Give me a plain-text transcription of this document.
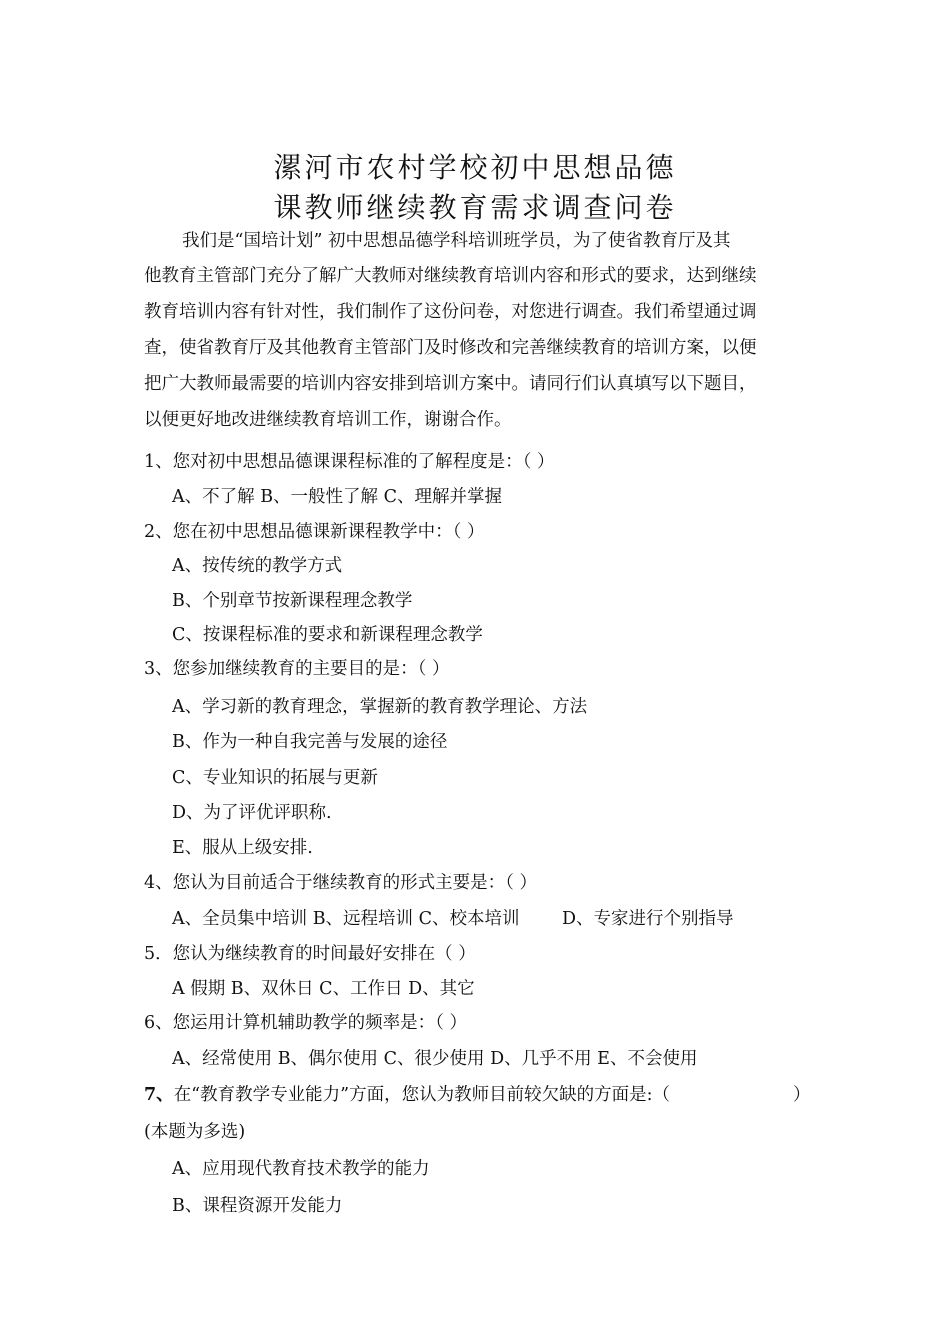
漯河市农村学校初中思想品德
课教师继续教育需求调查问卷
我们是“国培计划” 初中思想品德学科培训班学员，为了使省教育厅及其
他教育主管部门充分了解广大教师对继续教育培训内容和形式的要求，达到继续
教育培训内容有针对性，我们制作了这份问卷，对您进行调查。我们希望通过调
查，使省教育厅及其他教育主管部门及时修改和完善继续教育的培训方案，以便
把广大教师最需要的培训内容安排到培训方案中。请同行们认真填写以下题目，
以便更好地改进继续教育培训工作，谢谢合作。
1、您对初中思想品德课课程标准的了解程度是：（ ）
A、不了解 B、一般性了解 C、理解并掌握
2、您在初中思想品德课新课程教学中：（ ）
A、按传统的教学方式
B、个别章节按新课程理念教学
C、按课程标准的要求和新课程理念教学
3、您参加继续教育的主要目的是：（ ）
A、学习新的教育理念，掌握新的教育教学理论、方法
B、作为一种自我完善与发展的途径
C、专业知识的拓展与更新
D、为了评优评职称.
E、服从上级安排.
4、您认为目前适合于继续教育的形式主要是：（ ）
A、全员集中培训 B、远程培训 C、校本培训 D、专家进行个别指导
5．您认为继续教育的时间最好安排在（ ）
A 假期 B、双休日 C、工作日 D、其它
6、您运用计算机辅助教学的频率是：（ ）
A、经常使用 B、偶尔使用 C、很少使用 D、几乎不用 E、不会使用
7、在“教育教学专业能力”方面，您认为教师目前较欠缺的方面是:（	）
(本题为多选)
A、应用现代教育技术教学的能力
B、课程资源开发能力
